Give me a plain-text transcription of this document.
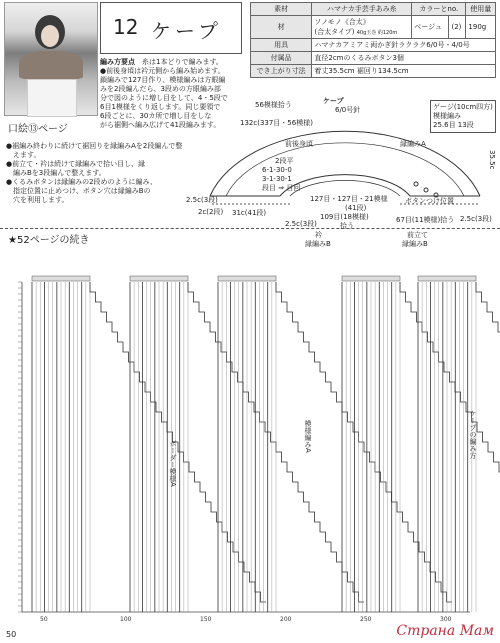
12 ケープ
素材	ハマナカ手芸手あみ糸	カラーとno.		使用量
材	ソノモノ《合太》
(合太タイプ) 40g玉巻 約120m	ベージュ	(2)	190g
用具	ハマナカアミアミ両かぎ針ラクラク6/0号・4/0号			
付属品	直径2cmのくるみボタン3個			
でき上がり寸法	着丈35.5cm 裾回り134.5cm			
編み方要点　 糸は1本どりで編みます。
●前後身頃は衿元側から編み始めます。
鎖編みで127目作り、模様編みは方眼編
みを2段編んだら、3段めの方眼編み部
分で図のように増し目をして、4・5段で
6目1模様をくり返します。同じ要領で
6段ごとに、30カ所で増し目をしな
がら裾側へ編み広げて41段編みます。
口絵⑬ページ
●裾編み終わりに続けて裾回りを縁編みAを2段編んで整
　えます。
●前立て・衿は続けて縁編みで拾い目し、縁
　編みBを3段編んで整えます。
●くるみボタンは縁編みの2段めのように編み、
　指定位置に止めつけ、ボタン穴は縁編みBの
　穴を利用します。
ケープ
6/0号針
56模様拾う
132c(337目・56模様)
前後身頃	縁編みA
2段平
6-1-30-0
3-1-30-1
段目 ⇒ 目回
127目・127目・21模様
(41段)
ボタンつけ位置
109目(18模様)
拾う
衿
縁編みB
67目(11模様)拾う
前立て
縁編みB
2.5c(3段)
2c(2段) 31c(41段)
2.5c(3段)
2.5c(3段)
35.5c
ゲージ(10cm四方)
模様編み
25.6目 13段
★52ページの続き
50	100	150	200	250	300
ボーダー模様A
模様編みA	ケープの編み方
50	Страна Мам
